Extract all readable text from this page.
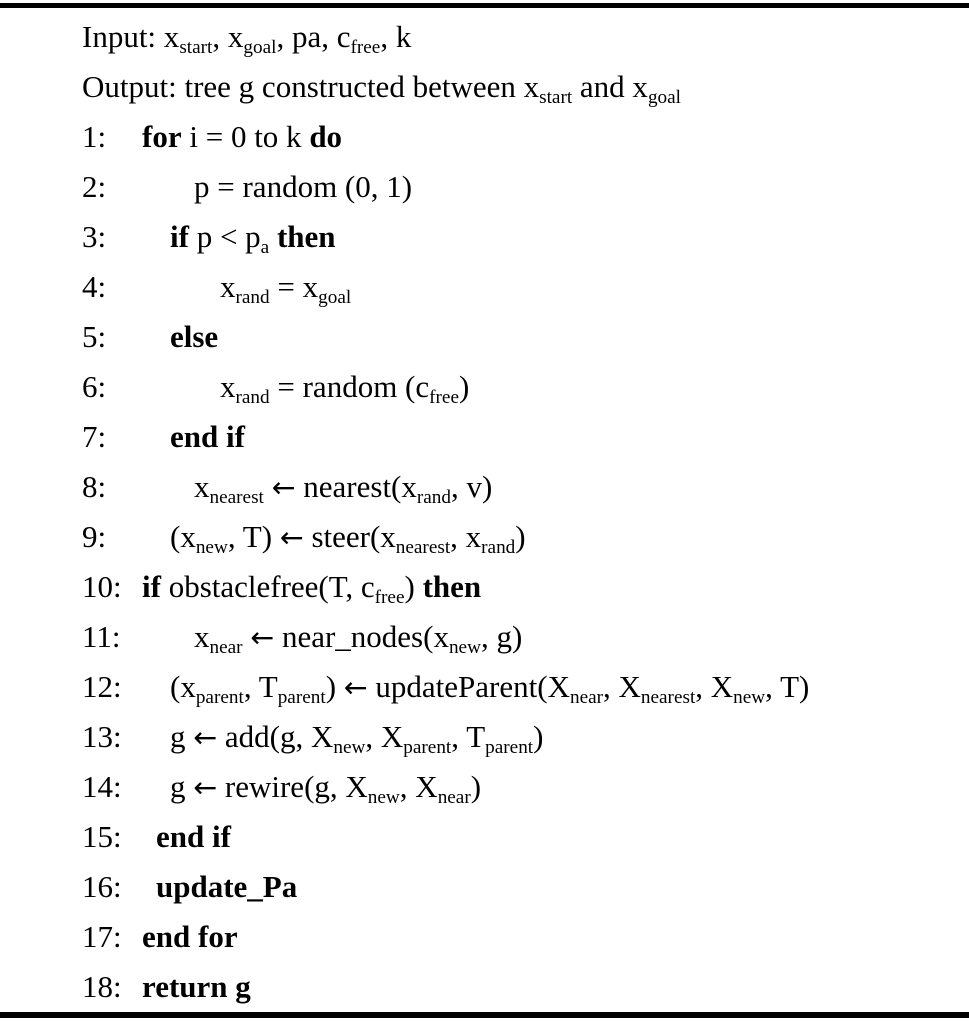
Input: $x_{start}$, $x_{goal}$, pa, $c_{free}$, k
Output: tree g constructed between $x_{start}$ and $x_{goal}$
1:	for i = 0 to k do
2:	p = random (0, 1)
3:	if $p < p_a$ then
4:	$x_{rand} = x_{goal}$
5:	else
6:	$x_{rand}$ = random $(c_{free})$
7:	end if
8:	$x_{nearest}$ ← $nearest(x_{rand}$, v)
9:	($x_{new}$, T) ← $steer(x_{nearest}$, $x_{rand}$)
10: if obstaclefree(T, $c_{free}$) then
11:	$x_{near}$ ← $near\_nodes(x_{new}$, g)
12:	($x_{parent}$, $T_{parent}$) ← $updateParent(X_{near}$, $X_{nearest}$, $X_{new}$, T)
13:	g ← add(g, $X_{new}$, $X_{parent}$, $T_{parent}$)
14:	g ← rewire(g, $X_{new}$, $X_{near}$)
15:	end if
16:	update_Pa
17: end for
18: return g
